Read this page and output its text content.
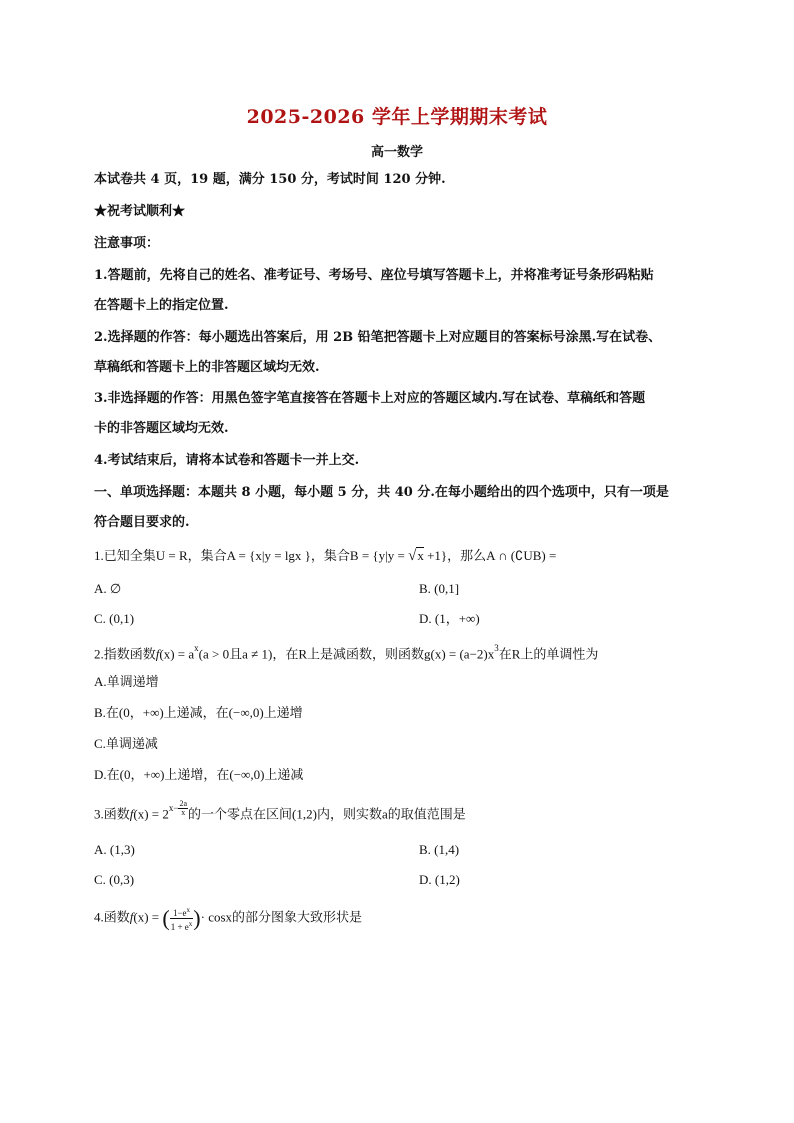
2025-2026 学年上学期期末考试
高一数学
本试卷共 4 页，19 题，满分 150 分，考试时间 120 分钟.
★祝考试顺利★
注意事项：
1.答题前，先将自己的姓名、准考证号、考场号、座位号填写答题卡上，并将准考证号条形码粘贴
在答题卡上的指定位置.
2.选择题的作答：每小题选出答案后，用 2B 铅笔把答题卡上对应题目的答案标号涂黑.写在试卷、
草稿纸和答题卡上的非答题区域均无效.
3.非选择题的作答：用黑色签字笔直接答在答题卡上对应的答题区域内.写在试卷、草稿纸和答题
卡的非答题区域均无效.
4.考试结束后，请将本试卷和答题卡一并上交.
一、单项选择题：本题共 8 小题，每小题 5 分，共 40 分.在每小题给出的四个选项中，只有一项是
符合题目要求的.
1.已知全集U = R，集合A = {x|y = lgx }，集合B = {y|y = √x +1}，那么A ∩ (∁UB) =
A. ∅	B. (0,1]
C. (0,1)	D. (1，+∞)
2.指数函数$f(x) = a^x(a > 0$且a ≠ 1)，在R上是减函数，则函数$g(x) = (a-2)x^3$在R上的单调性为
A.单调递增
B.在(0，+∞)上递减，在(−∞,0)上递增
C.单调递减
D.在(0，+∞)上递增，在(−∞,0)上递减
3.函数$f(x) = 2^{x- \frac{2a}{x}}$ 的一个零点在区间(1,2)内，则实数a的取值范围是
A. (1,3)	B. (1,4)
C. (0,3)	D. (1,2)
4.函数f(x) = ( $\frac{1-e^x}{1 + e^x}$ )· cosx的部分图象大致形状是
